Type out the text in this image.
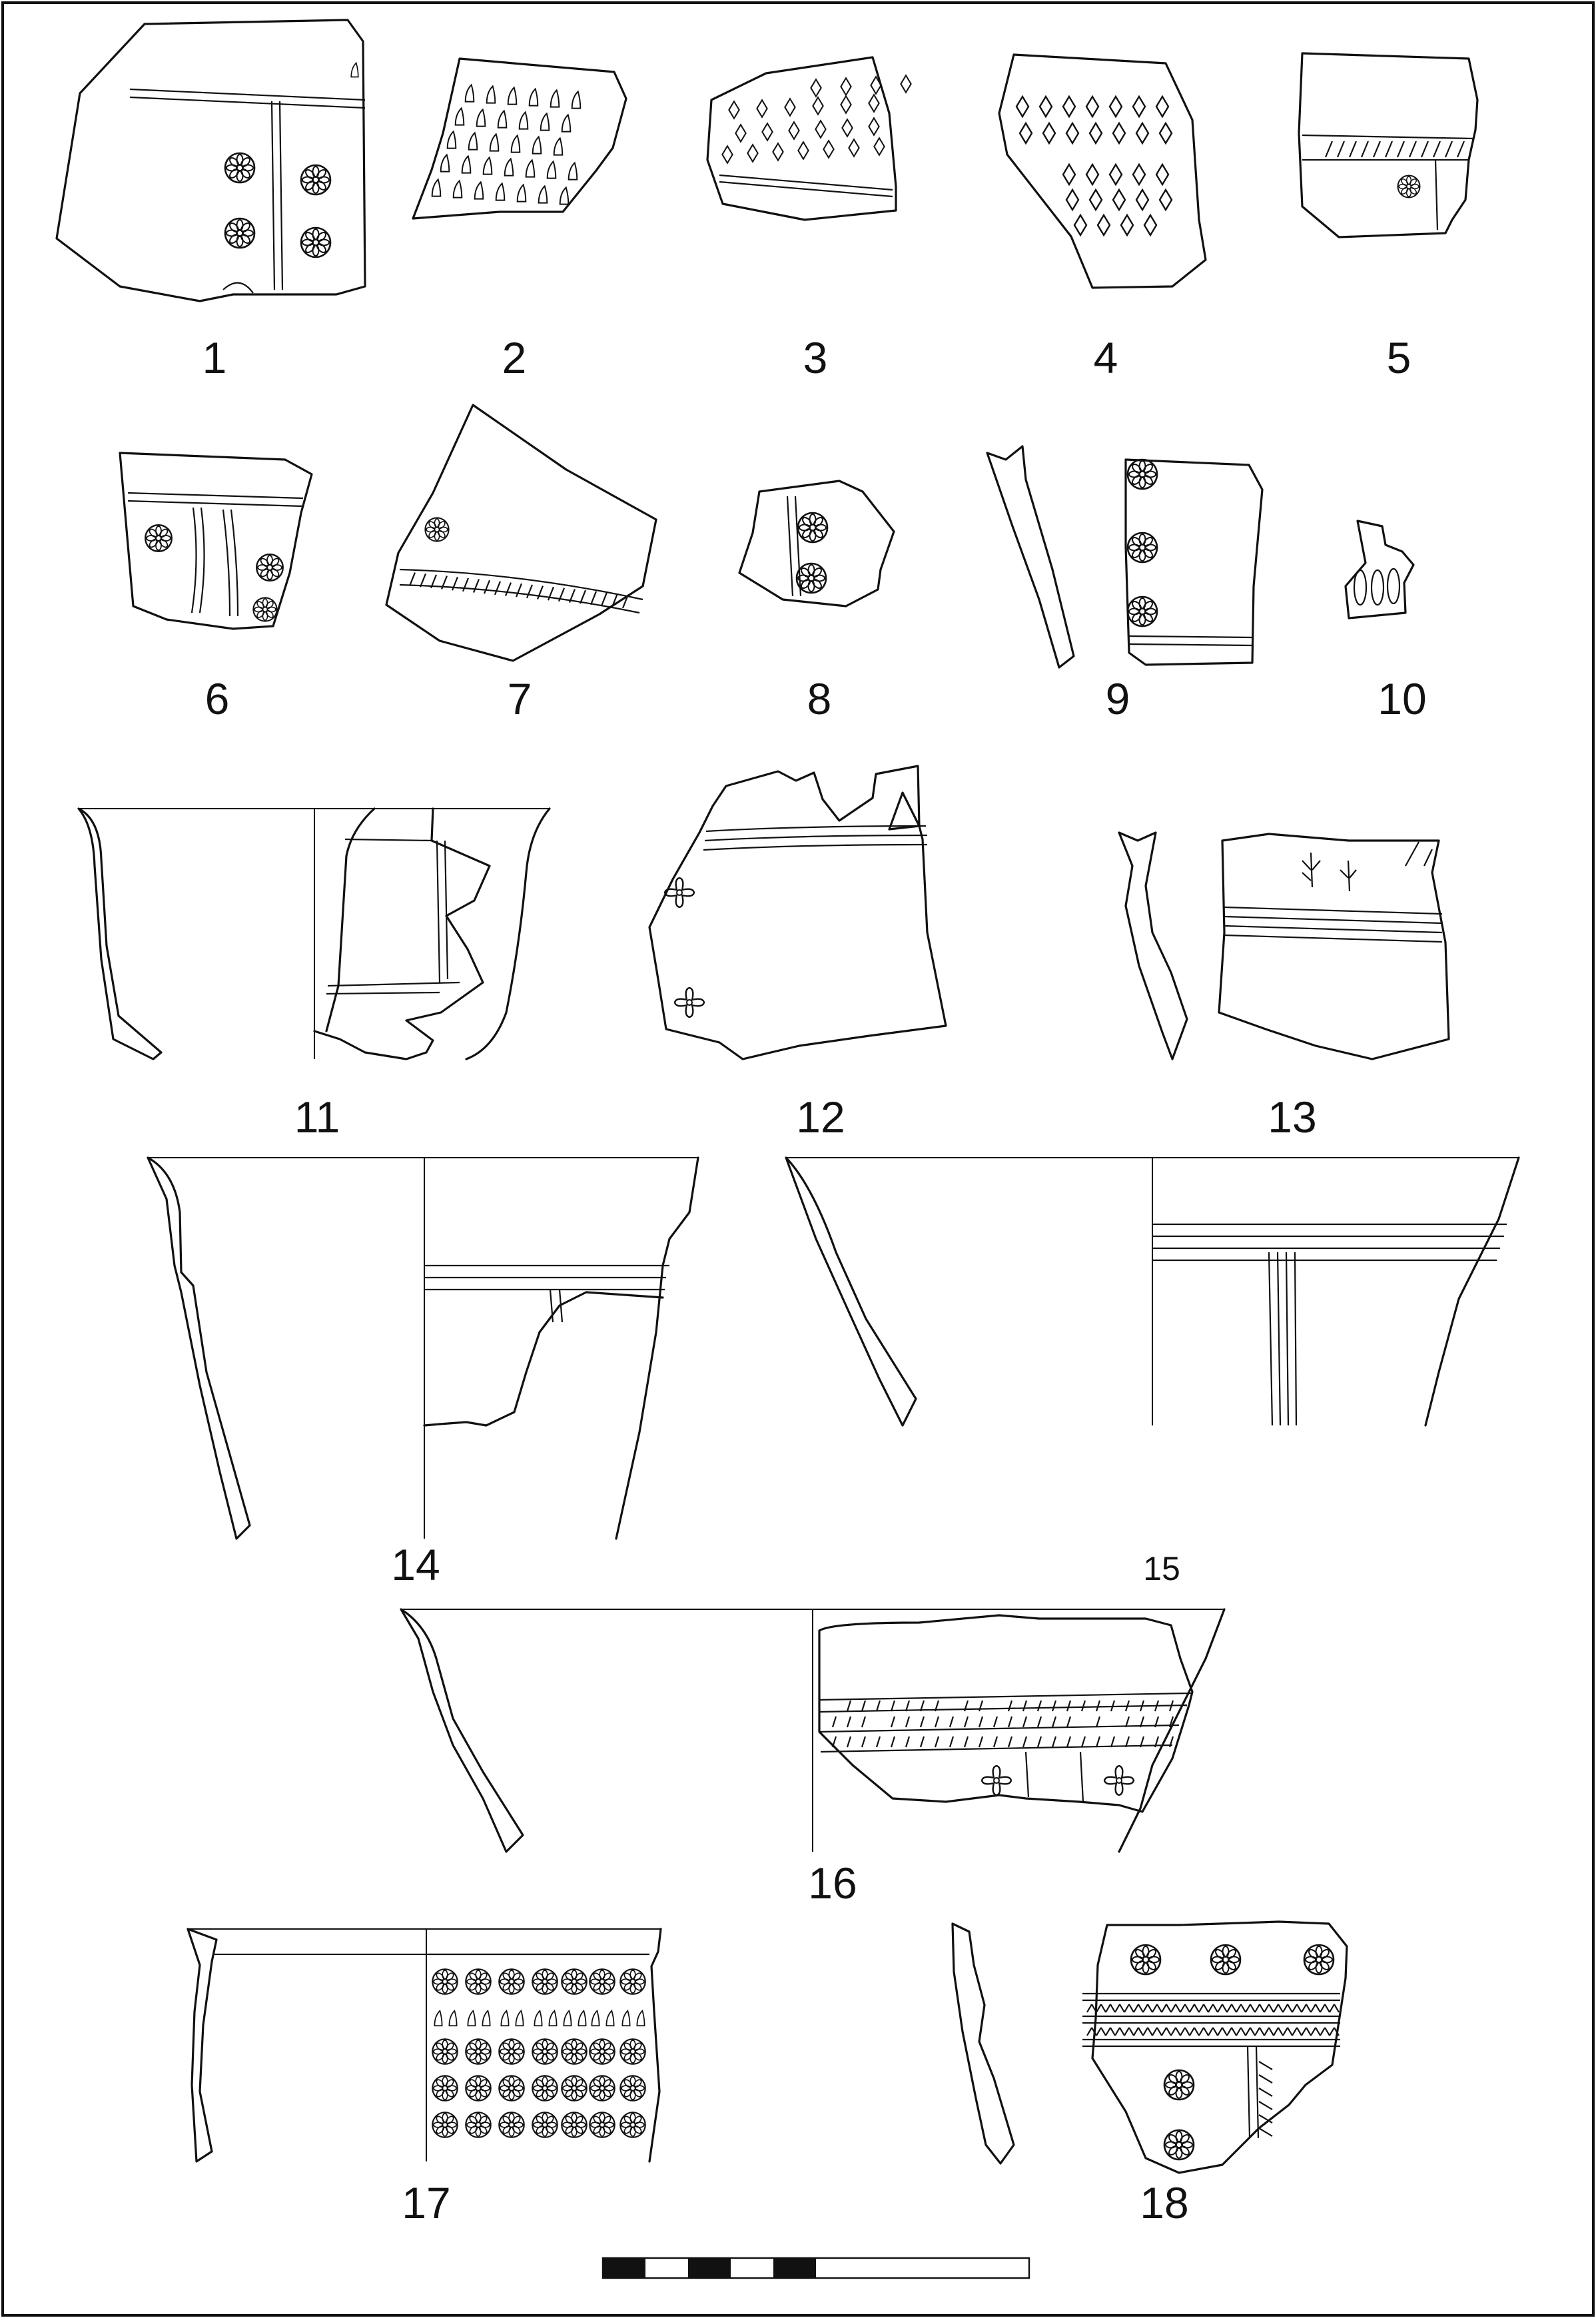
1	2	3	4	5
6	7	8	9	10
11	12	13
14	15
16
17	18
